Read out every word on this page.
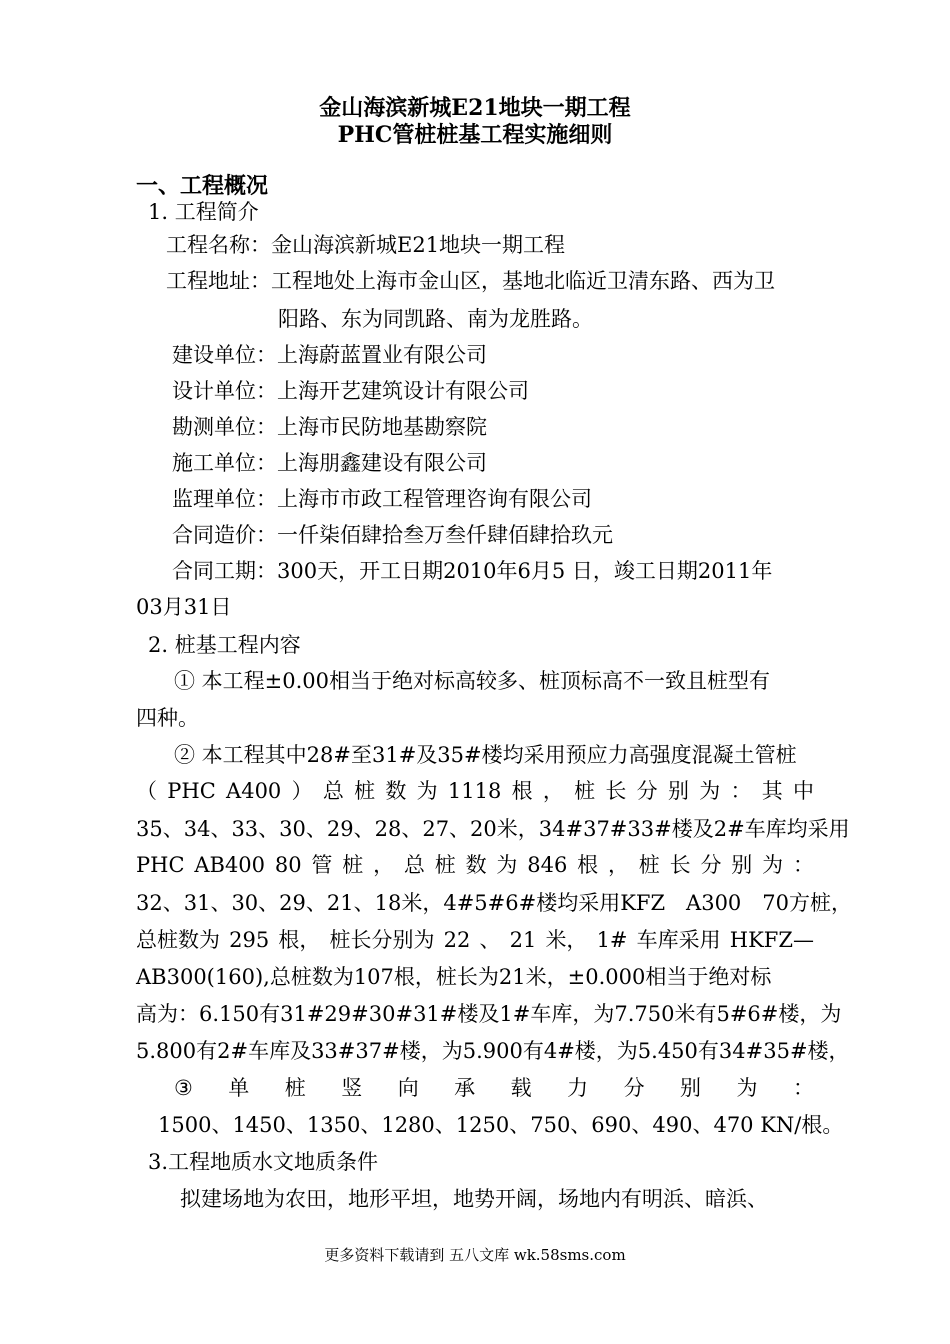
金山海滨新城E21地块一期工程
PHC管桩桩基工程实施细则
一、工程概况
1. 工程简介
工程名称：金山海滨新城E21地块一期工程
工程地址：工程地处上海市金山区，基地北临近卫清东路、西为卫
阳路、东为同凯路、南为龙胜路。
建设单位：上海蔚蓝置业有限公司
设计单位：上海开艺建筑设计有限公司
勘测单位：上海市民防地基勘察院
施工单位：上海朋鑫建设有限公司
监理单位：上海市市政工程管理咨询有限公司
合同造价：一仟柒佰肆拾叁万叁仟肆佰肆拾玖元
合同工期：300天，开工日期2010年6月5 日，竣工日期2011年
03月31日
2. 桩基工程内容
① 本工程±0.00相当于绝对标高较多、桩顶标高不一致且桩型有
四种。
② 本工程其中28#至31#及35#楼均采用预应力高强度混凝土管桩
（ PHC A400 ） 总 桩 数 为 1118 根 ， 桩 长 分 别 为 ： 其 中
35、34、33、30、29、28、27、20米，34#37#33#楼及2#车库均采用
PHC AB400 80 管 桩 ， 总 桩 数 为 846 根 ， 桩 长 分 别 为 ：
32、31、30、29、21、18米，4#5#6#楼均采用KFZ　A300　70方桩，
总桩数为 295 根， 桩长分别为 22 、 21 米， 1# 车库采用 HKFZ—
AB300(160),总桩数为107根，桩长为21米，±0.000相当于绝对标
高为：6.150有31#29#30#31#楼及1#车库，为7.750米有5#6#楼，为
5.800有2#车库及33#37#楼，为5.900有4#楼，为5.450有34#35#楼，
③ 单 桩 竖 向 承 载 力 分 别 为 ：
1500、1450、1350、1280、1250、750、690、490、470 KN/根。
3.工程地质水文地质条件
拟建场地为农田，地形平坦，地势开阔，场地内有明浜、暗浜、
更多资料下载请到 五八文库 wk.58sms.com
